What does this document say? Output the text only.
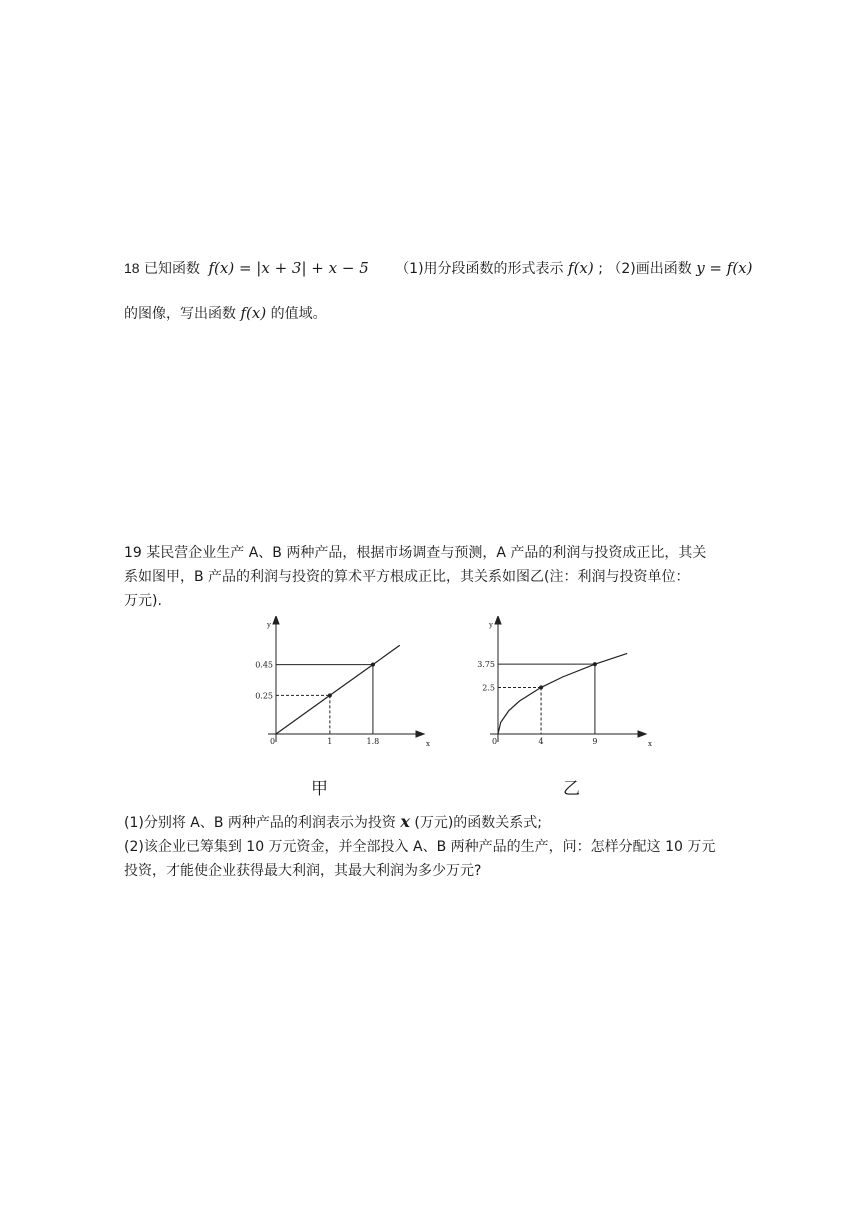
18 已知函数 f(x) = |x + 3| + x − 5 （1)用分段函数的形式表示 f(x) ; （2)画出函数 y = f(x)
的图像，写出函数 f(x) 的值域。
19 某民营企业生产 A、B 两种产品，根据市场调查与预测，A 产品的利润与投资成正比，其关
系如图甲，B 产品的利润与投资的算术平方根成正比，其关系如图乙(注：利润与投资单位：
万元).
x
y
0	1
0.25
1.8
0.45
甲
x
y
0	4
2.5
9
3.75
乙
(1)分别将 A、B 两种产品的利润表示为投资 x (万元)的函数关系式;
(2)该企业已筹集到 10 万元资金，并全部投入 A、B 两种产品的生产，问：怎样分配这 10 万元
投资，才能使企业获得最大利润，其最大利润为多少万元?
